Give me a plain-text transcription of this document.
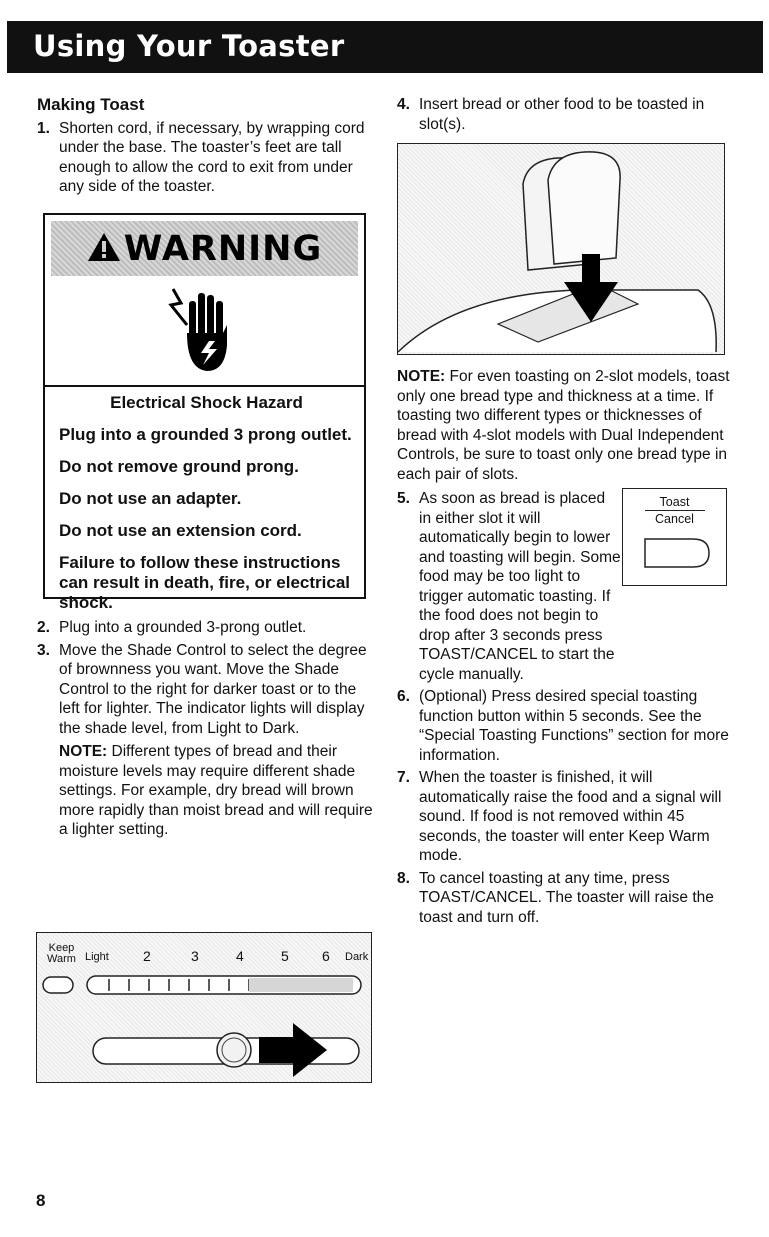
Using Your Toaster
Making Toast
1. Shorten cord, if necessary, by wrapping cord under the base. The toaster’s feet are tall enough to allow the cord to exit from under any side of the toaster.
WARNING
Electrical Shock Hazard
Plug into a grounded 3 prong outlet.
Do not remove ground prong.
Do not use an adapter.
Do not use an extension cord.
Failure to follow these instructions can result in death, fire, or electrical shock.
2. Plug into a grounded 3-prong outlet.
3. Move the Shade Control to select the degree of brownness you want. Move the Shade Control to the right for darker toast or to the left for lighter. The indicator lights will display the shade level, from Light to Dark.
NOTE: Different types of bread and their moisture levels may require different shade settings. For example, dry bread will brown more rapidly than moist bread and will require a lighter setting.
Keep
Warm Light 2	3	4	5 6 Dark
4. Insert bread or other food to be toasted in slot(s).
NOTE: For even toasting on 2-slot models, toast only one bread type and thickness at a time. If toasting two different types or thicknesses of bread with 4-slot models with Dual Independent Controls, be sure to toast only one bread type in each pair of slots.
5. As soon as bread is placed in either slot it will automatically begin to lower and toasting will begin. Some food may be too light to trigger automatic toasting. If the food does not begin to drop after 3 seconds press TOAST/CANCEL to start the cycle manually.
6. (Optional) Press desired special toasting function button within 5 seconds. See the “Special Toasting Functions” section for more information.
7. When the toaster is finished, it will automatically raise the food and a signal will sound. If food is not removed within 45 seconds, the toaster will enter Keep Warm mode.
8. To cancel toasting at any time, press TOAST/CANCEL. The toaster will raise the toast and turn off.
Toast
Cancel
8
